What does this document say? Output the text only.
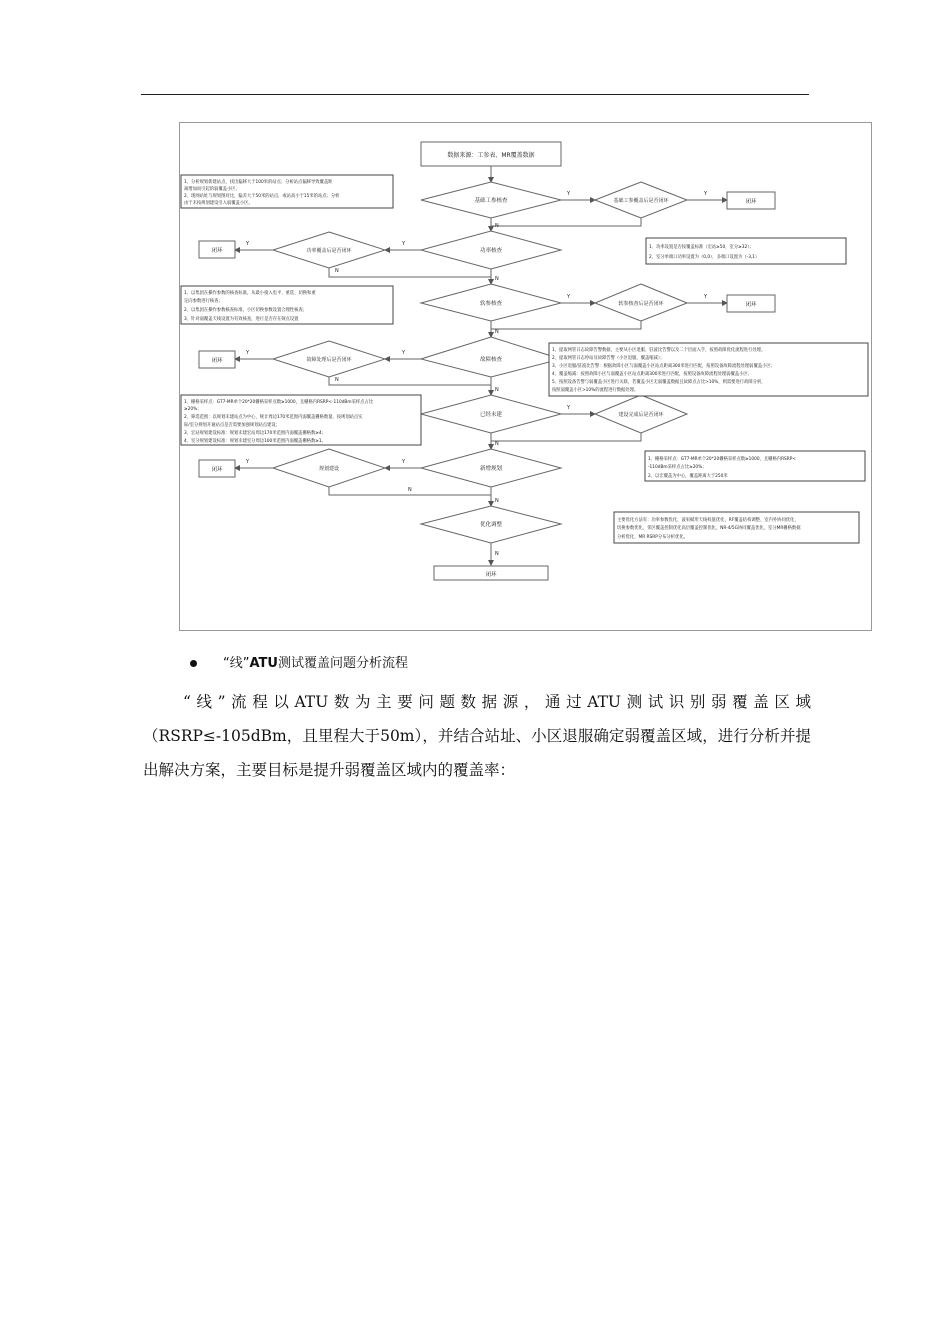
数据来源：工参表、MR覆盖数据
基础工参核查
功率核查
软参核查
故障核查
已经未建
新增规划
优化调整
基础工参覆盖后是否闭环
功率覆盖后是否闭环
软参核查后是否闭环
故障处理后是否闭环
建设完成后是否闭环
规划建设
闭环
闭环
闭环
闭环
闭环
闭环
Y	Y
Y
Y
Y	Y
Y
Y
Y
Y
Y
N
N
N
N
N
N
N
N
N
N
1、分析规划新建站点，找出偏移大于100米的站点；分析站点偏移导致覆盖距
离增加而引起的弱覆盖小区；
2、现网站址与规划图对比，偏差大于50米的站点，或站高小于15米的站点；分析
由于未按规划建设引入弱覆盖小区。
1、功率设置是否按覆盖标准（宏站≥50，室分≥32）；
2、室分单端口功率设置为（0,0），多端口设置为（-3,1）
1、以集团在操作参数的核查标准，从最小接入电平、重选、切换和重
定向参数进行核查；
2、以集团在操作参数核查标准，小区切换参数设置合理性核查；
3、针对弱覆盖天线设置为有效核查，进行是否存在频点设置
1、提取网管日志故障告警数据，主要从小区退服、驻波比告警以及二个层面入手，按照故障优化流程进行处理。
2、提取网管日志停站及故障告警（小区退服、覆盖缩减）；
3、小区退服/驻波比告警：根据故障小区与弱覆盖小区站点距离300米进行匹配，按照设备故障流程处理弱覆盖小区；
4、覆盖缩减：按照故障小区与弱覆盖小区站点距离300米进行匹配，按照设备故障流程处理弱覆盖小区；
5、按照设备告警与弱覆盖小区进行关联，若覆盖小区无弱覆盖数据且故障点占比>10%，则需要进行故障分析，
按照弱覆盖小区>10%的流程进行数据处理。
1、栅格采样点：GT7-MR单个20*20栅格采样点数≥1000，且栅格内RSRP<-110dBm采样点占比
≥20%；
2、筛选范围：以规划未建站点为中心，统计周边170米范围内弱覆盖栅格数量，按规划站点实
际/室分规划开通站点是否需要加强规划站点建设；
3、宏站规划建设标准：规划未建宏站周边170米范围内弱覆盖栅格数≥4；
4、室分规划建设标准：规划未建室分周边100米范围内弱覆盖栅格数≥1。
1、栅格采样点：GT7-MR单个20*20栅格采样点数≥1000，且栅格内RSRP<
-110dBm采样点占比≥20%；
2、以宏覆盖为中心，覆盖距离大于250米
主要优化方法有：功率参数优化、波束赋形天线权值优化、RF覆盖结构调整、室内外协同优化、
切换参数优化、邻区覆盖控制优化高层覆盖控制优化、NR-4/5G协同覆盖优化、室分MR栅格数据
分析优化、MR RSRP分布分析优化。
“线”ATU测试覆盖问题分析流程

“线”流程以ATU数为主要问题数据源，通过ATU测试识别弱覆盖区域（RSRP≤-105dBm，且里程大于50m），并结合站址、小区退服确定弱覆盖区域，进行分析并提出解决方案，主要目标是提升弱覆盖区域内的覆盖率：
